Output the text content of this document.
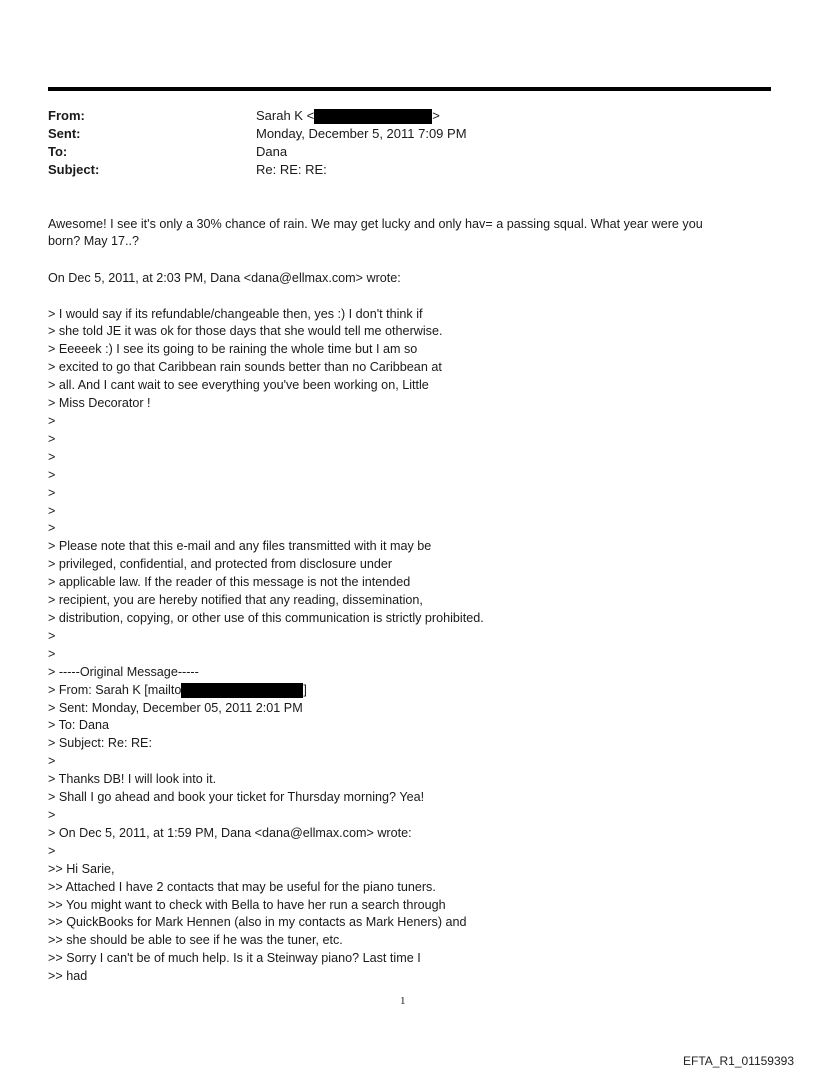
From:	Sarah K <	>
Sent:	Monday, December 5, 2011 7:09 PM
To:	Dana
Subject:	Re: RE: RE:
Awesome! I see it's only a 30% chance of rain. We may get lucky and only hav= a passing squal. What year were you
born? May 17..?
On Dec 5, 2011, at 2:03 PM, Dana <dana@ellmax.com> wrote:
> I would say if its refundable/changeable then, yes :) I don't think if
> she told JE it was ok for those days that she would tell me otherwise.
> Eeeeek :) I see its going to be raining the whole time but I am so
> excited to go that Caribbean rain sounds better than no Caribbean at
> all. And I cant wait to see everything you've been working on, Little
> Miss Decorator !
>
>
>
>
>
>
>
> Please note that this e-mail and any files transmitted with it may be
> privileged, confidential, and protected from disclosure under
> applicable law. If the reader of this message is not the intended
> recipient, you are hereby notified that any reading, dissemination,
> distribution, copying, or other use of this communication is strictly prohibited.
>
>
> -----Original Message-----
> From: Sarah K [mailto	]
> Sent: Monday, December 05, 2011 2:01 PM
> To: Dana
> Subject: Re: RE:
>
> Thanks DB! I will look into it.
> Shall I go ahead and book your ticket for Thursday morning? Yea!
>
> On Dec 5, 2011, at 1:59 PM, Dana <dana@ellmax.com> wrote:
>
>> Hi Sarie,
>> Attached I have 2 contacts that may be useful for the piano tuners.
>> You might want to check with Bella to have her run a search through
>> QuickBooks for Mark Hennen (also in my contacts as Mark Heners) and
>> she should be able to see if he was the tuner, etc.
>> Sorry I can't be of much help. Is it a Steinway piano? Last time I
>> had
1
EFTA_R1_01159393
